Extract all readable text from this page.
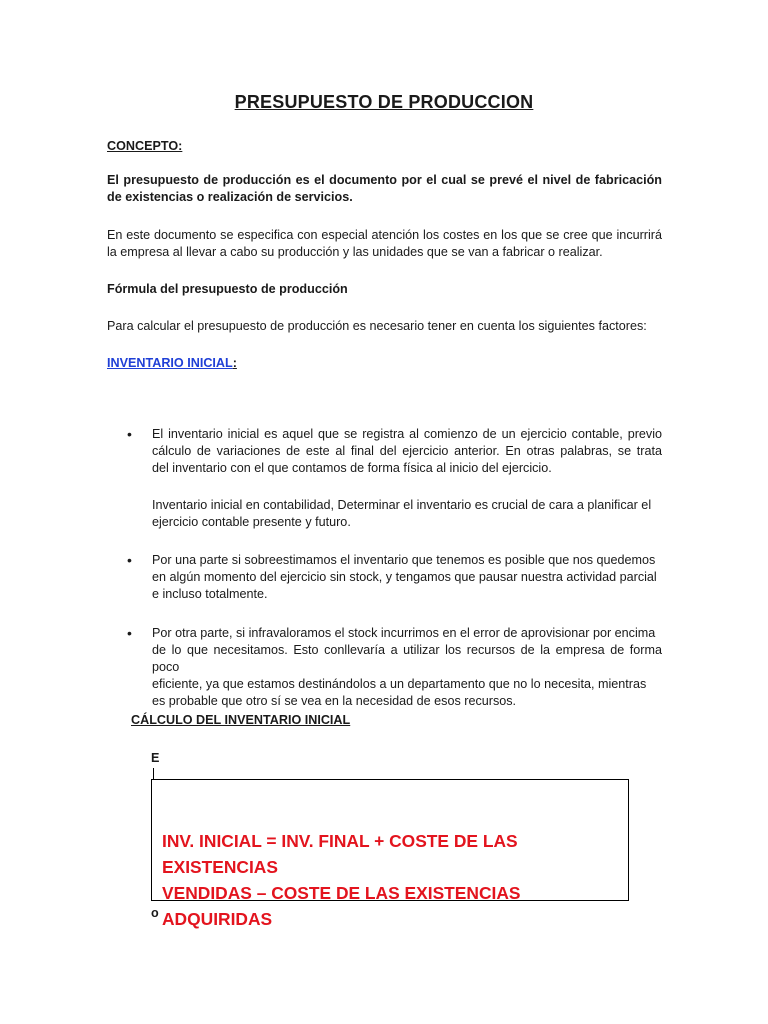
PRESUPUESTO DE PRODUCCION
CONCEPTO:
El presupuesto de producción es el documento por el cual se prevé el nivel de fabricación
de existencias o realización de servicios.
En este documento se especifica con especial atención los costes en los que se cree que incurrirá
la empresa al llevar a cabo su producción y las unidades que se van a fabricar o realizar.
Fórmula del presupuesto de producción
Para calcular el presupuesto de producción es necesario tener en cuenta los siguientes factores:
INVENTARIO INICIAL:
• El inventario inicial es aquel que se registra al comienzo de un ejercicio contable, previo
cálculo de variaciones de este al final del ejercicio anterior. En otras palabras, se trata
del inventario con el que contamos de forma física al inicio del ejercicio.
Inventario inicial en contabilidad, Determinar el inventario es crucial de cara a planificar el
ejercicio contable presente y futuro.
• Por una parte si sobreestimamos el inventario que tenemos es posible que nos quedemos
en algún momento del ejercicio sin stock, y tengamos que pausar nuestra actividad parcial
e incluso totalmente.
• Por otra parte, si infravaloramos el stock incurrimos en el error de aprovisionar por encima
de lo que necesitamos. Esto conllevaría a utilizar los recursos de la empresa de forma poco
eficiente, ya que estamos destinándolos a un departamento que no lo necesita, mientras
es probable que otro sí se vea en la necesidad de esos recursos.
CÁLCULO DEL INVENTARIO INICIAL
E
INV. INICIAL = INV. FINAL + COSTE DE LAS EXISTENCIAS
VENDIDAS – COSTE DE LAS EXISTENCIAS ADQUIRIDAS
o
